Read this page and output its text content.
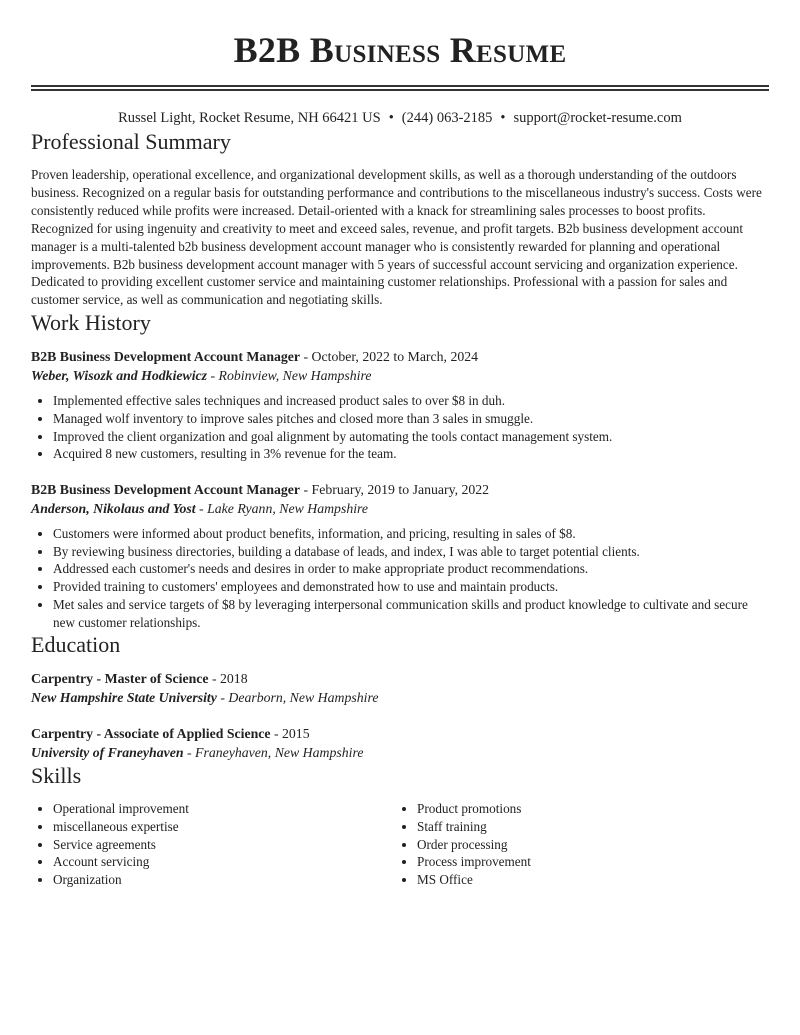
B2B Business Resume
Russel Light, Rocket Resume, NH 66421 US • (244) 063-2185 • support@rocket-resume.com
Professional Summary

Proven leadership, operational excellence, and organizational development skills, as well as a thorough understanding of the outdoors business. Recognized on a regular basis for outstanding performance and contributions to the miscellaneous industry's success. Costs were consistently reduced while profits were increased. Detail-oriented with a knack for streamlining sales processes to boost profits. Recognized for using ingenuity and creativity to meet and exceed sales, revenue, and profit targets. B2b business development account manager is a multi-talented b2b business development account manager who is consistently rewarded for planning and operational improvements. B2b business development account manager with 5 years of successful account servicing and organization experience. Dedicated to providing excellent customer service and maintaining customer relationships. Professional with a passion for sales and customer service, as well as communication and negotiating skills.

Work History
B2B Business Development Account Manager - October, 2022 to March, 2024
Weber, Wisozk and Hodkiewicz - Robinview, New Hampshire
• Implemented effective sales techniques and increased product sales to over $8 in duh.
• Managed wolf inventory to improve sales pitches and closed more than 3 sales in smuggle.
• Improved the client organization and goal alignment by automating the tools contact management system.
• Acquired 8 new customers, resulting in 3% revenue for the team.
B2B Business Development Account Manager - February, 2019 to January, 2022
Anderson, Nikolaus and Yost - Lake Ryann, New Hampshire
• Customers were informed about product benefits, information, and pricing, resulting in sales of $8.
• By reviewing business directories, building a database of leads, and index, I was able to target potential clients.
• Addressed each customer's needs and desires in order to make appropriate product recommendations.
• Provided training to customers' employees and demonstrated how to use and maintain products.
• Met sales and service targets of $8 by leveraging interpersonal communication skills and product knowledge to cultivate and secure new customer relationships.
Education
Carpentry - Master of Science - 2018
New Hampshire State University - Dearborn, New Hampshire
Carpentry - Associate of Applied Science - 2015
University of Franeyhaven - Franeyhaven, New Hampshire
Skills
• Operational improvement
• miscellaneous expertise
• Service agreements
• Account servicing
• Organization
• Product promotions
• Staff training
• Order processing
• Process improvement
• MS Office
